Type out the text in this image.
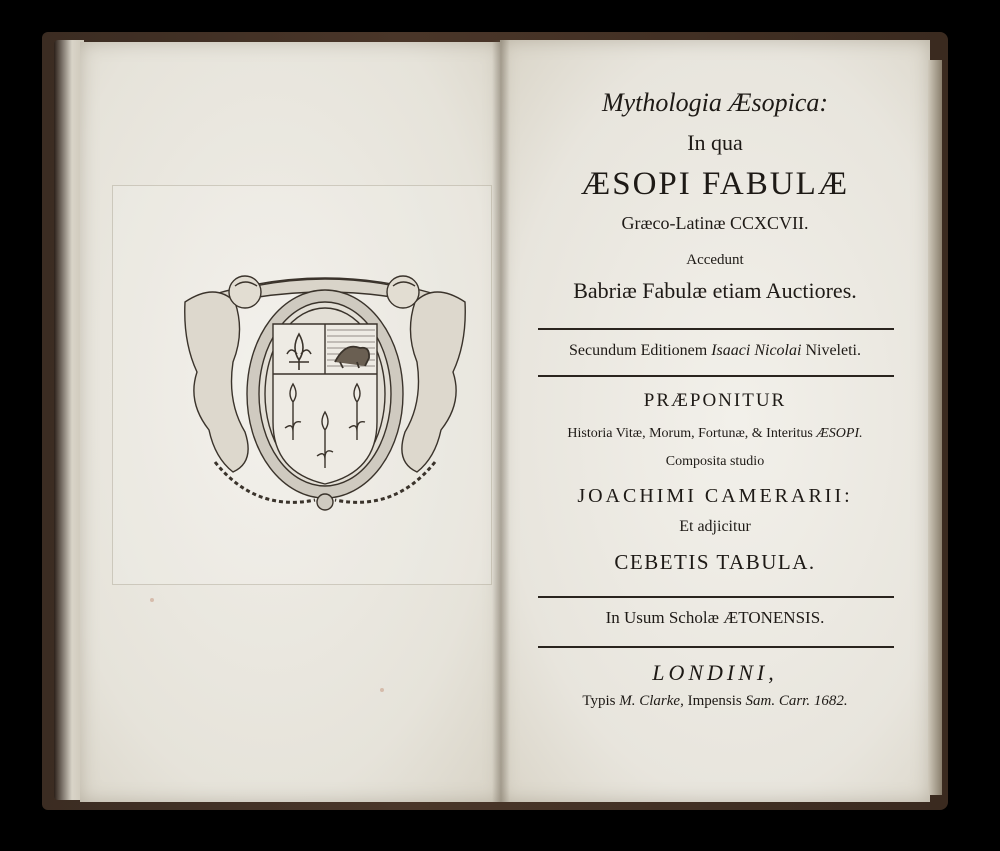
Mythologia Æsopica:
In qua
ÆSOPI FABULÆ
Græco-Latinæ CCXCVII.
Accedunt
Babriæ Fabulæ etiam Auctiores.
Secundum Editionem Isaaci Nicolai Niveleti.
PRÆPONITUR
Historia Vitæ, Morum, Fortunæ, & Interitus ÆSOPI.
Composita studio
JOACHIMI CAMERARII:
Et adjicitur
CEBETIS TABULA.
In Usum Scholæ ÆTONENSIS.
LONDINI,
Typis M. Clarke, Impensis Sam. Carr. 1682.
